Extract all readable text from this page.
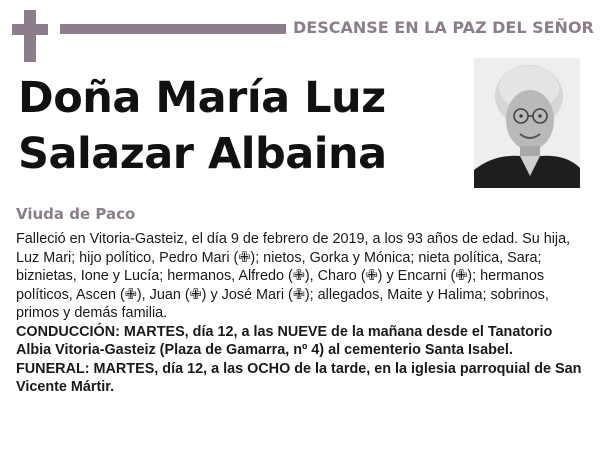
DESCANSE EN LA PAZ DEL SEÑOR
Doña María Luz
Salazar Albaina
Viuda de Paco

Falleció en Vitoria-Gasteiz, el día 9 de febrero de 2019, a los 93 años de edad. Su hija, Luz Mari; hijo político, Pedro Mari (✙); nietos, Gorka y Mónica; nieta política, Sara; biznietas, Ione y Lucía; hermanos, Alfredo (✙), Charo (✙) y Encarni (✙); hermanos políticos, Ascen (✙), Juan (✙) y José Mari (✙); allegados, Maite y Halima; sobrinos, primos y demás familia.

CONDUCCIÓN: MARTES, día 12, a las NUEVE de la mañana desde el Tanatorio Albia Vitoria-Gasteiz (Plaza de Gamarra, nº 4) al cementerio Santa Isabel.

FUNERAL: MARTES, día 12, a las OCHO de la tarde, en la iglesia parroquial de San Vicente Mártir.
